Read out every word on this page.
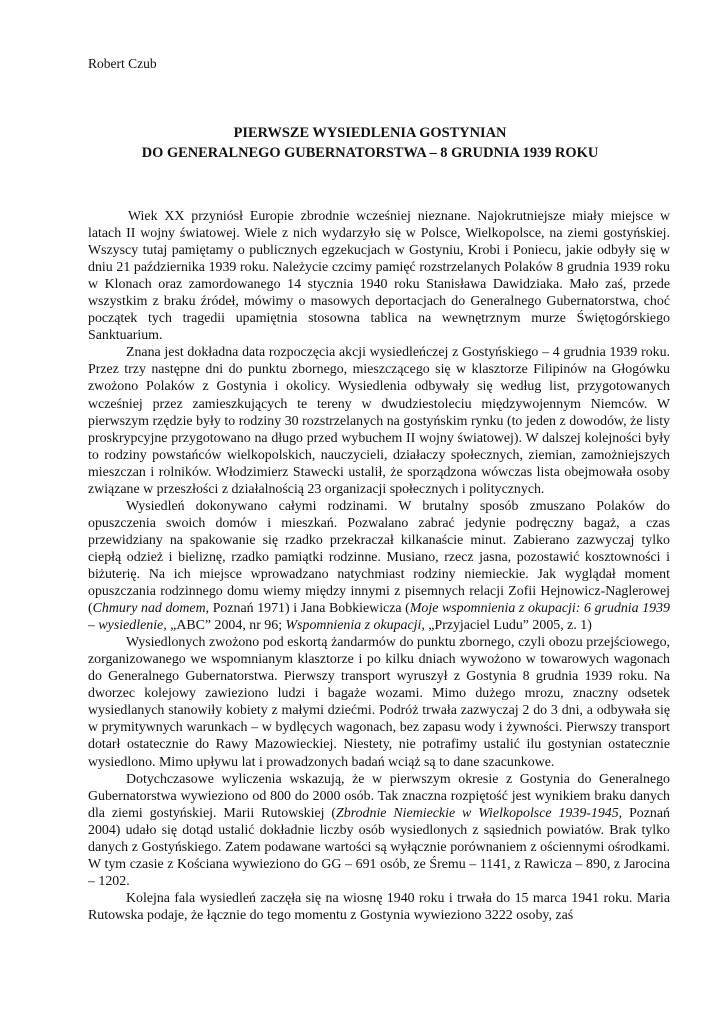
Robert Czub
PIERWSZE WYSIEDLENIA GOSTYNIAN
DO GENERALNEGO GUBERNATORSTWA – 8 GRUDNIA 1939 ROKU

Wiek XX przyniósł Europie zbrodnie wcześniej nieznane. Najokrutniejsze miały miejsce w latach II wojny światowej. Wiele z nich wydarzyło się w Polsce, Wielkopolsce, na ziemi gostyńskiej. Wszyscy tutaj pamiętamy o publicznych egzekucjach w Gostyniu, Krobi i Poniecu, jakie odbyły się w dniu 21 października 1939 roku. Należycie czcimy pamięć rozstrzelanych Polaków 8 grudnia 1939 roku w Klonach oraz zamordowanego 14 stycznia 1940 roku Stanisława Dawidziaka. Mało zaś, przede wszystkim z braku źródeł, mówimy o masowych deportacjach do Generalnego Gubernatorstwa, choć początek tych tragedii upamiętnia stosowna tablica na wewnętrznym murze Świętogórskiego Sanktuarium.

Znana jest dokładna data rozpoczęcia akcji wysiedleńczej z Gostyńskiego – 4 grudnia 1939 roku. Przez trzy następne dni do punktu zbornego, mieszczącego się w klasztorze Filipinów na Głogówku zwożono Polaków z Gostynia i okolicy. Wysiedlenia odbywały się według list, przygotowanych wcześniej przez zamieszkujących te tereny w dwudziestoleciu międzywojennym Niemców. W pierwszym rzędzie były to rodziny 30 rozstrzelanych na gostyńskim rynku (to jeden z dowodów, że listy proskrypcyjne przygotowano na długo przed wybuchem II wojny światowej). W dalszej kolejności były to rodziny powstańców wielkopolskich, nauczycieli, działaczy społecznych, ziemian, zamożniejszych mieszczan i rolników. Włodzimierz Stawecki ustalił, że sporządzona wówczas lista obejmowała osoby związane w przeszłości z działalnością 23 organizacji społecznych i politycznych.

Wysiedleń dokonywano całymi rodzinami. W brutalny sposób zmuszano Polaków do opuszczenia swoich domów i mieszkań. Pozwalano zabrać jedynie podręczny bagaż, a czas przewidziany na spakowanie się rzadko przekraczał kilkanaście minut. Zabierano zazwyczaj tylko ciepłą odzież i bieliznę, rzadko pamiątki rodzinne. Musiano, rzecz jasna, pozostawić kosztowności i biżuterię. Na ich miejsce wprowadzano natychmiast rodziny niemieckie. Jak wyglądał moment opuszczania rodzinnego domu wiemy między innymi z pisemnych relacji Zofii Hejnowicz-Naglerowej (Chmury nad domem, Poznań 1971) i Jana Bobkiewicza (Moje wspomnienia z okupacji: 6 grudnia 1939 – wysiedlenie, „ABC” 2004, nr 96; Wspomnienia z okupacji, „Przyjaciel Ludu” 2005, z. 1)

Wysiedlonych zwożono pod eskortą żandarmów do punktu zbornego, czyli obozu przejściowego, zorganizowanego we wspomnianym klasztorze i po kilku dniach wywożono w towarowych wagonach do Generalnego Gubernatorstwa. Pierwszy transport wyruszył z Gostynia 8 grudnia 1939 roku. Na dworzec kolejowy zawieziono ludzi i bagaże wozami. Mimo dużego mrozu, znaczny odsetek wysiedlanych stanowiły kobiety z małymi dziećmi. Podróż trwała zazwyczaj 2 do 3 dni, a odbywała się w prymitywnych warunkach – w bydlęcych wagonach, bez zapasu wody i żywności. Pierwszy transport dotarł ostatecznie do Rawy Mazowieckiej. Niestety, nie potrafimy ustalić ilu gostynian ostatecznie wysiedlono. Mimo upływu lat i prowadzonych badań wciąż są to dane szacunkowe.

Dotychczasowe wyliczenia wskazują, że w pierwszym okresie z Gostynia do Generalnego Gubernatorstwa wywieziono od 800 do 2000 osób. Tak znaczna rozpiętość jest wynikiem braku danych dla ziemi gostyńskiej. Marii Rutowskiej (Zbrodnie Niemieckie w Wielkopolsce 1939-1945, Poznań 2004) udało się dotąd ustalić dokładnie liczby osób wysiedlonych z sąsiednich powiatów. Brak tylko danych z Gostyńskiego. Zatem podawane wartości są wyłącznie porównaniem z ościennymi ośrodkami. W tym czasie z Kościana wywieziono do GG – 691 osób, ze Śremu – 1141, z Rawicza – 890, z Jarocina – 1202.

Kolejna fala wysiedleń zaczęła się na wiosnę 1940 roku i trwała do 15 marca 1941 roku. Maria Rutowska podaje, że łącznie do tego momentu z Gostynia wywieziono 3222 osoby, zaś
